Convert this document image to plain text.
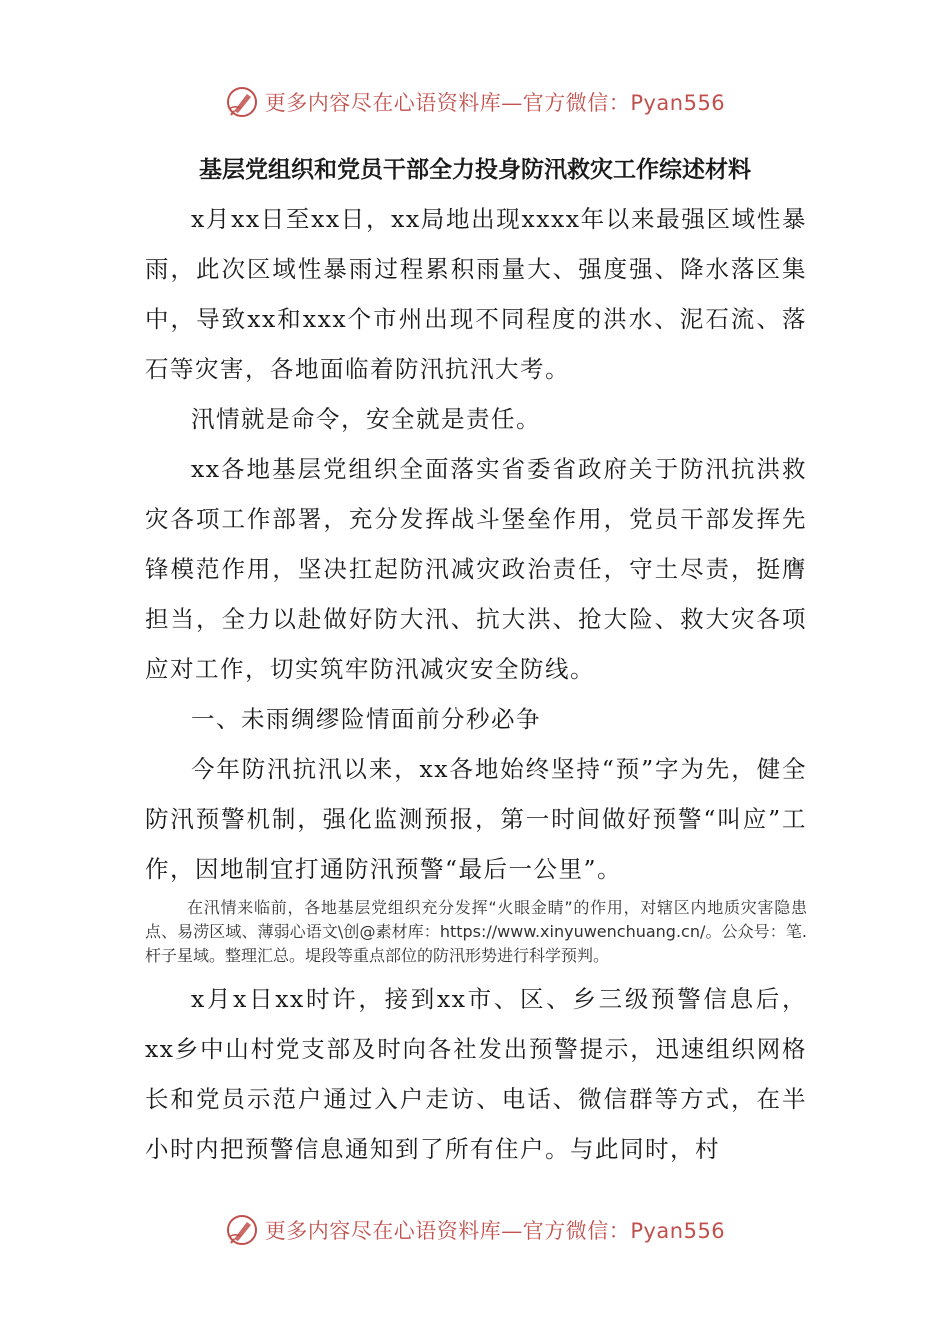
更多内容尽在心语资料库—官方微信：Pyan556
基层党组织和党员干部全力投身防汛救灾工作综述材料

x月xx日至xx日，xx局地出现xxxx年以来最强区域性暴雨，此次区域性暴雨过程累积雨量大、强度强、降水落区集中，导致xx和xxx个市州出现不同程度的洪水、泥石流、落石等灾害，各地面临着防汛抗汛大考。

汛情就是命令，安全就是责任。

xx各地基层党组织全面落实省委省政府关于防汛抗洪救灾各项工作部署，充分发挥战斗堡垒作用，党员干部发挥先锋模范作用，坚决扛起防汛减灾政治责任，守土尽责，挺膺担当，全力以赴做好防大汛、抗大洪、抢大险、救大灾各项应对工作，切实筑牢防汛减灾安全防线。

一、未雨绸缪险情面前分秒必争

今年防汛抗汛以来，xx各地始终坚持“预”字为先，健全防汛预警机制，强化监测预报，第一时间做好预警“叫应”工作，因地制宜打通防汛预警“最后一公里”。

在汛情来临前，各地基层党组织充分发挥“火眼金睛”的作用，对辖区内地质灾害隐患点、易涝区域、薄弱心语文\创@素材库：https://www.xinyuwenchuang.cn/。公众号：笔.杆子星域。整理汇总。堤段等重点部位的防汛形势进行科学预判。

x月x日xx时许，接到xx市、区、乡三级预警信息后，xx乡中山村党支部及时向各社发出预警提示，迅速组织网格长和党员示范户通过入户走访、电话、微信群等方式，在半小时内把预警信息通知到了所有住户。与此同时，村

更多内容尽在心语资料库—官方微信：Pyan556
